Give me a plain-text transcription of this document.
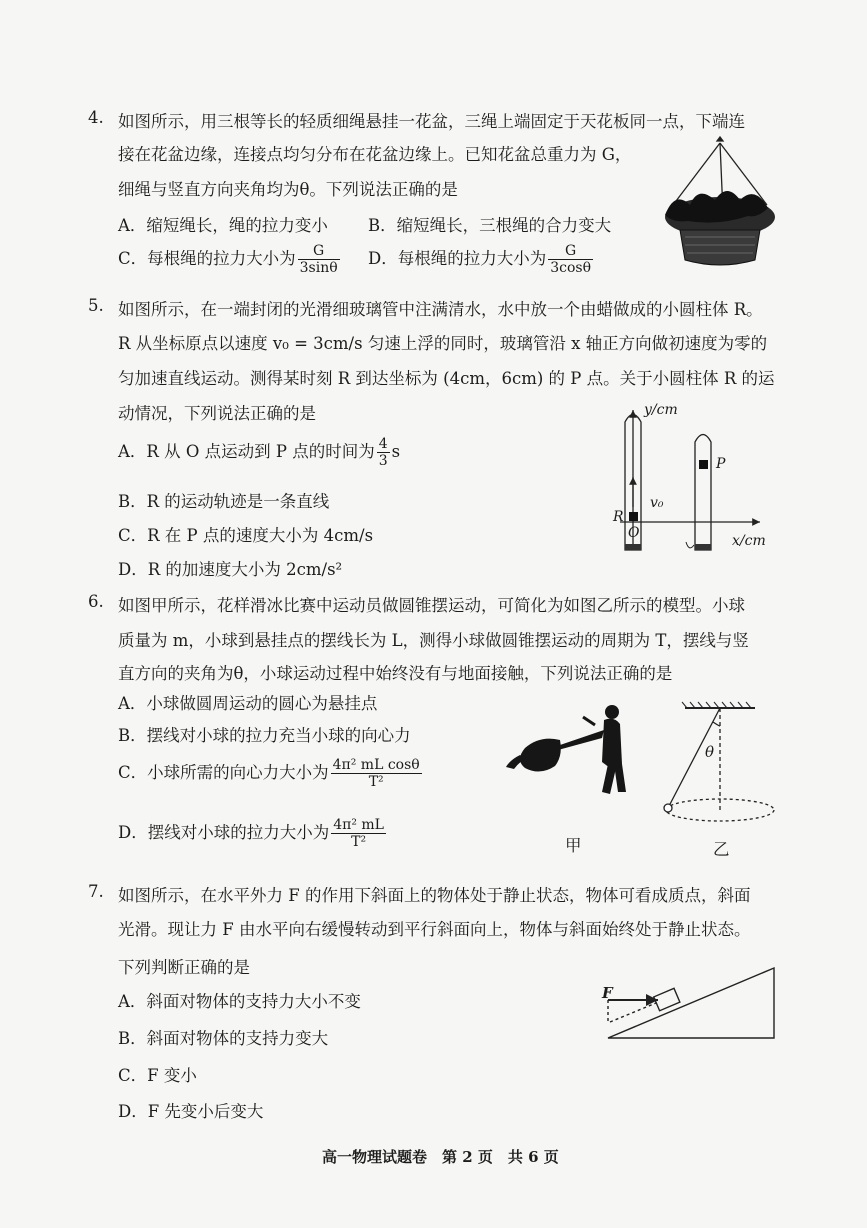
4. 如图所示，用三根等长的轻质细绳悬挂一花盆，三绳上端固定于天花板同一点，下端连
接在花盆边缘，连接点均匀分布在花盆边缘上。已知花盆总重力为 G，
细绳与竖直方向夹角均为θ。下列说法正确的是
A．缩短绳长，绳的拉力变小 B．缩短绳长，三根绳的合力变大
C．每根绳的拉力大小为 $\frac{G}{3\sin\theta}$ D．每根绳的拉力大小为 $\frac{G}{3\cos\theta}$
5. 如图所示，在一端封闭的光滑细玻璃管中注满清水，水中放一个由蜡做成的小圆柱体 R。
R 从坐标原点以速度 v₀ = 3cm/s 匀速上浮的同时，玻璃管沿 x 轴正方向做初速度为零的
匀加速直线运动。测得某时刻 R 到达坐标为 (4cm，6cm) 的 P 点。关于小圆柱体 R 的运
动情况，下列说法正确的是
A．R 从 O 点运动到 P 点的时间为 $\frac{4}{3}$ s
B．R 的运动轨迹是一条直线
C．R 在 P 点的速度大小为 4cm/s
D．R 的加速度大小为 2cm/s²
y/cm
x/cm
P
R
O
v₀
6. 如图甲所示，花样滑冰比赛中运动员做圆锥摆运动，可简化为如图乙所示的模型。小球
质量为 m，小球到悬挂点的摆线长为 L，测得小球做圆锥摆运动的周期为 T，摆线与竖
直方向的夹角为θ，小球运动过程中始终没有与地面接触，下列说法正确的是
A．小球做圆周运动的圆心为悬挂点
B．摆线对小球的拉力充当小球的向心力
C．小球所需的向心力大小为 $\frac{\text{4π² mL cosθ}}{\text{T²}}$
D．摆线对小球的拉力大小为 $\frac{\text{4π² mL}}{\text{T²}}$	甲
θ
乙
7. 如图所示，在水平外力 F 的作用下斜面上的物体处于静止状态，物体可看成质点，斜面
光滑。现让力 F 由水平向右缓慢转动到平行斜面向上，物体与斜面始终处于静止状态。
下列判断正确的是
A．斜面对物体的支持力大小不变
B．斜面对物体的支持力变大
C．F 变小
D．F 先变小后变大
F
高一物理试题卷　第 2 页　共 6 页
